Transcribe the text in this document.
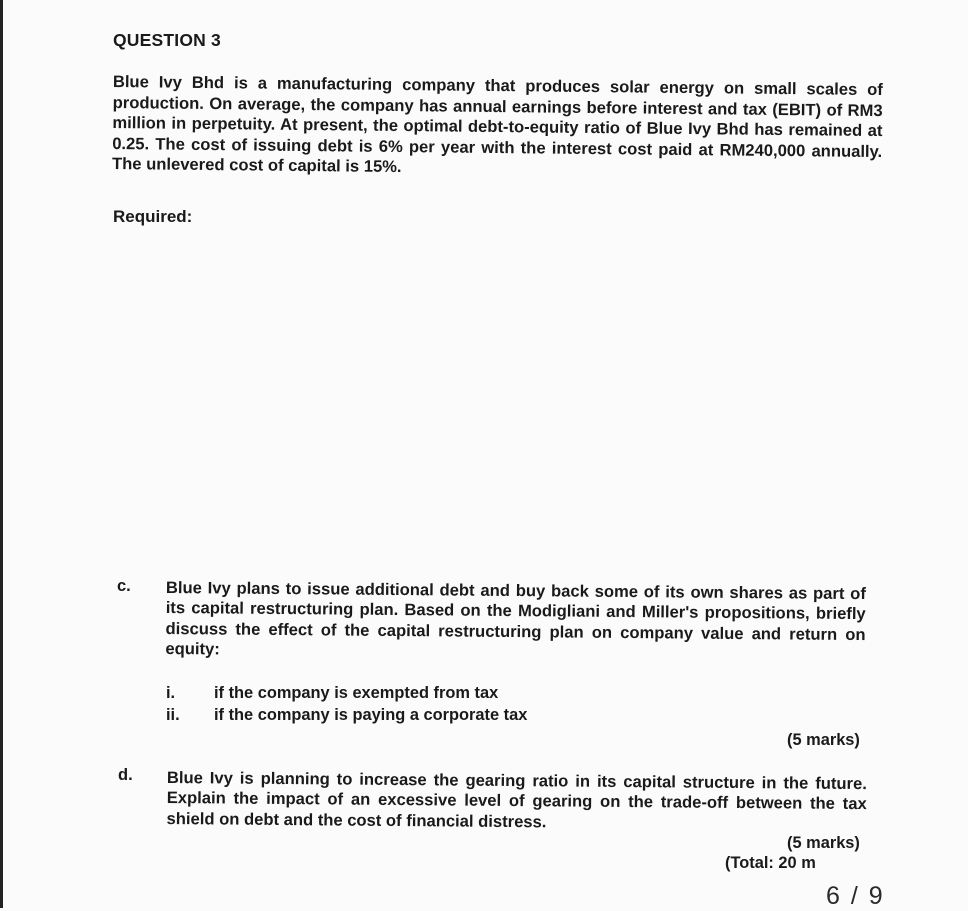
QUESTION 3
Blue Ivy Bhd is a manufacturing company that produces solar energy on small scales of production. On average, the company has annual earnings before interest and tax (EBIT) of RM3 million in perpetuity. At present, the optimal debt-to-equity ratio of Blue Ivy Bhd has remained at 0.25. The cost of issuing debt is 6% per year with the interest cost paid at RM240,000 annually. The unlevered cost of capital is 15%.
Required:
c. Blue Ivy plans to issue additional debt and buy back some of its own shares as part of its capital restructuring plan. Based on the Modigliani and Miller's propositions, briefly discuss the effect of the capital restructuring plan on company value and return on equity:
i. if the company is exempted from tax
ii. if the company is paying a corporate tax
(5 marks)
d. Blue Ivy is planning to increase the gearing ratio in its capital structure in the future. Explain the impact of an excessive level of gearing on the trade-off between the tax shield on debt and the cost of financial distress.
(5 marks)
(Total: 20 m
6 / 9
